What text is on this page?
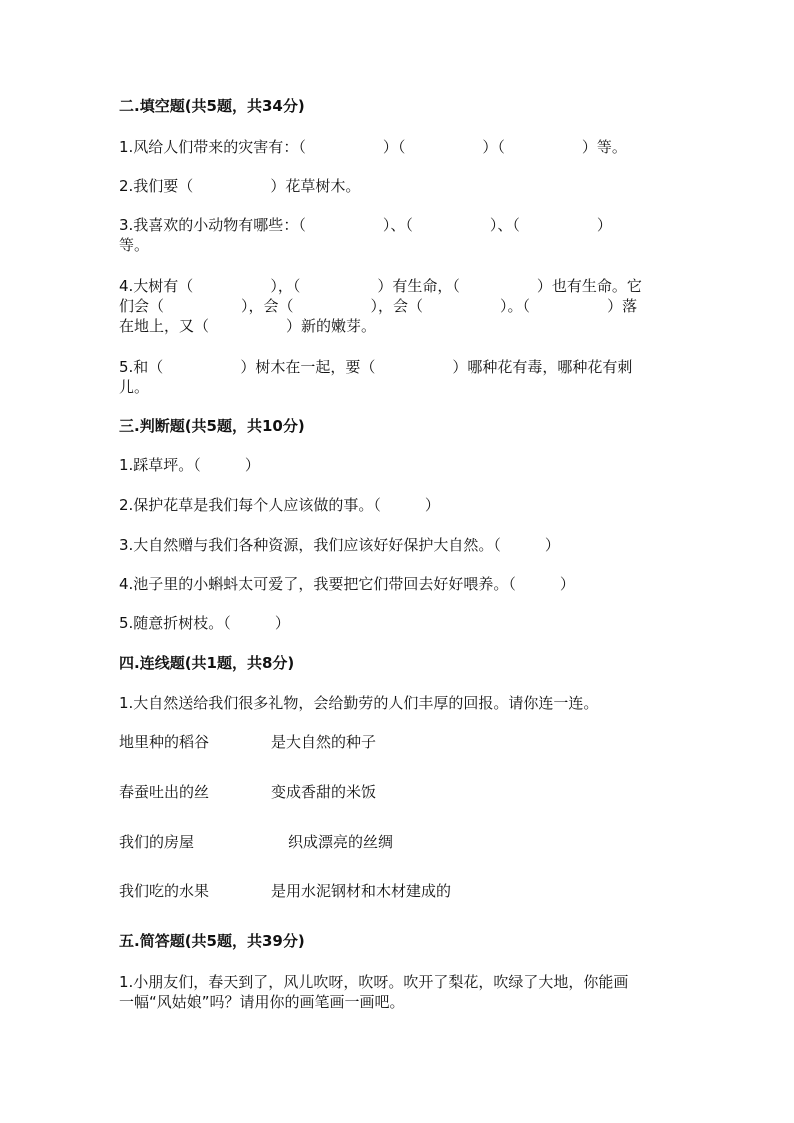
二.填空题(共5题，共34分)
1.风给人们带来的灾害有：（	）（	）（	）等。
2.我们要（	）花草树木。
3.我喜欢的小动物有哪些：（	）、（	）、（	）
等。
4.大树有（	），（	）有生命，（	）也有生命。它
们会（	），会（	），会（	）。（	）落
在地上，又（	）新的嫩芽。
5.和（	）树木在一起，要（	）哪种花有毒，哪种花有刺
儿。
三.判断题(共5题，共10分)
1.踩草坪。（	）
2.保护花草是我们每个人应该做的事。（	）
3.大自然赠与我们各种资源，我们应该好好保护大自然。（	）
4.池子里的小蝌蚪太可爱了，我要把它们带回去好好喂养。（	）
5.随意折树枝。（	）
四.连线题(共1题，共8分)
1.大自然送给我们很多礼物，会给勤劳的人们丰厚的回报。请你连一连。
地里种的稻谷	是大自然的种子
春蚕吐出的丝	变成香甜的米饭
我们的房屋	织成漂亮的丝绸
我们吃的水果	是用水泥钢材和木材建成的
五.简答题(共5题，共39分)
1.小朋友们，春天到了，风儿吹呀，吹呀。吹开了梨花，吹绿了大地，你能画
一幅“风姑娘”吗？请用你的画笔画一画吧。
